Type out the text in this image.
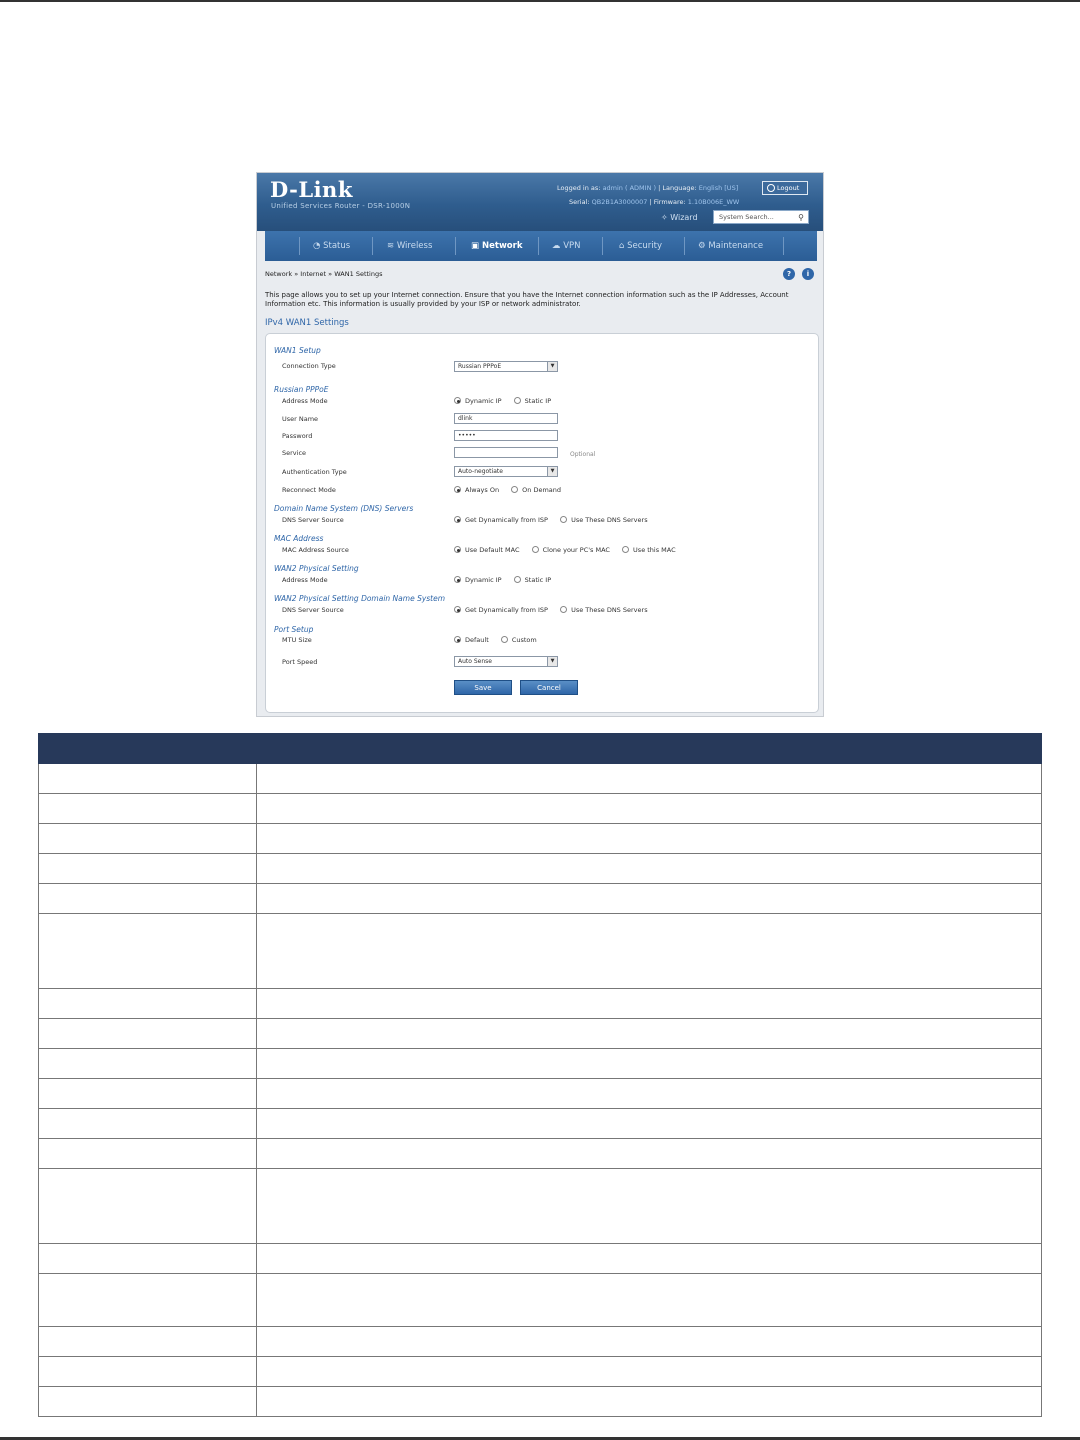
D-Link
Unified Services Router - DSR-1000N
Logged in as: admin ( ADMIN ) | Language: English [US]
Serial: QB2B1A3000007 | Firmware: 1.10B006E_WW
Logout
✧ Wizard	System Search...	⚲
◔ Status	≋ Wireless	▣ Network	☁ VPN	⌂ Security	⚙ Maintenance
Network » Internet » WAN1 Settings	?	i
This page allows you to set up your Internet connection. Ensure that you have the Internet connection information such as the IP Addresses, Account Information etc. This information is usually provided by your ISP or network administrator.
IPv4 WAN1 Settings
WAN1 Setup
Connection Type	Russian PPPoE	▼
Russian PPPoE
Address Mode	Dynamic IP	Static IP
User Name	dlink
Password	•••••
Service	Optional
Authentication Type	Auto-negotiate	▼
Reconnect Mode	Always On	On Demand
Domain Name System (DNS) Servers
DNS Server Source	Get Dynamically from ISP	Use These DNS Servers
MAC Address
MAC Address Source	Use Default MAC	Clone your PC's MAC	Use this MAC
WAN2 Physical Setting
Address Mode	Dynamic IP	Static IP
WAN2 Physical Setting Domain Name System
DNS Server Source	Get Dynamically from ISP	Use These DNS Servers
Port Setup
MTU Size	Default	Custom
Port Speed	Auto Sense	▼
Save	Cancel
